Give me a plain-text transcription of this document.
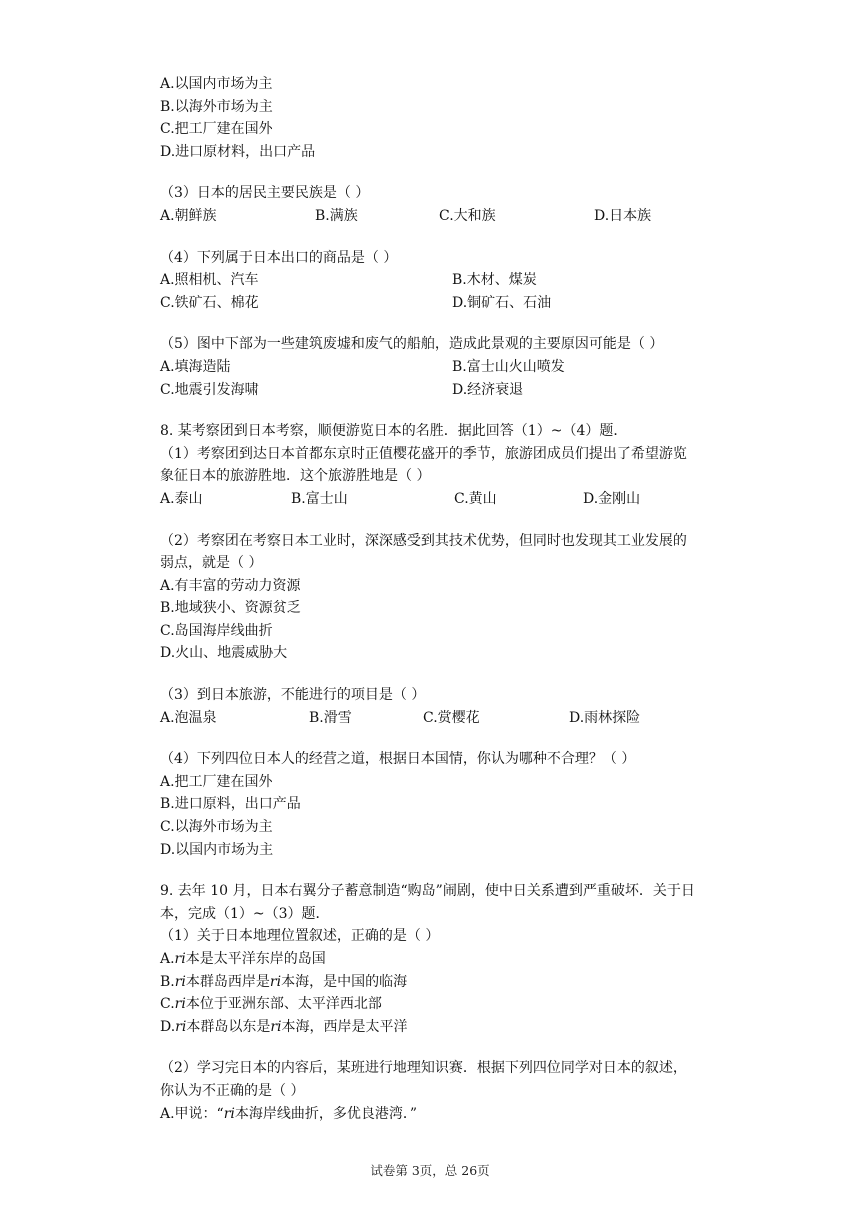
A.以国内市场为主
B.以海外市场为主
C.把工厂建在国外
D.进口原材料，出口产品
（3）日本的居民主要民族是（ ）
A.朝鲜族	B.满族	C.大和族	D.日本族
（4）下列属于日本出口的商品是（ ）
A.照相机、汽车	B.木材、煤炭
C.铁矿石、棉花	D.铜矿石、石油
（5）图中下部为一些建筑废墟和废气的船舶，造成此景观的主要原因可能是（ ）
A.填海造陆	B.富士山火山喷发
C.地震引发海啸	D.经济衰退
8. 某考察团到日本考察，顺便游览日本的名胜．据此回答（1）~（4）题．
（1）考察团到达日本首都东京时正值樱花盛开的季节，旅游团成员们提出了希望游览
象征日本的旅游胜地．这个旅游胜地是（ ）
A.泰山	B.富士山	C.黄山	D.金刚山
（2）考察团在考察日本工业时，深深感受到其技术优势，但同时也发现其工业发展的
弱点，就是（ ）
A.有丰富的劳动力资源
B.地域狭小、资源贫乏
C.岛国海岸线曲折
D.火山、地震威胁大
（3）到日本旅游，不能进行的项目是（ ）
A.泡温泉	B.滑雪	C.赏樱花	D.雨林探险
（4）下列四位日本人的经营之道，根据日本国情，你认为哪种不合理？（ ）
A.把工厂建在国外
B.进口原料，出口产品
C.以海外市场为主
D.以国内市场为主
9. 去年 10 月，日本右翼分子蓄意制造“购岛”闹剧，使中日关系遭到严重破坏．关于日
本，完成（1）~（3）题．
（1）关于日本地理位置叙述，正确的是（ ）
A.𝑟𝑖本是太平洋东岸的岛国
B.𝑟𝑖本群岛西岸是𝑟𝑖本海，是中国的临海
C.𝑟𝑖本位于亚洲东部、太平洋西北部
D.𝑟𝑖本群岛以东是𝑟𝑖本海，西岸是太平洋
（2）学习完日本的内容后，某班进行地理知识赛．根据下列四位同学对日本的叙述，
你认为不正确的是（ ）
A.甲说：“𝑟𝑖本海岸线曲折，多优良港湾．”
试卷第 3页，总 26页
